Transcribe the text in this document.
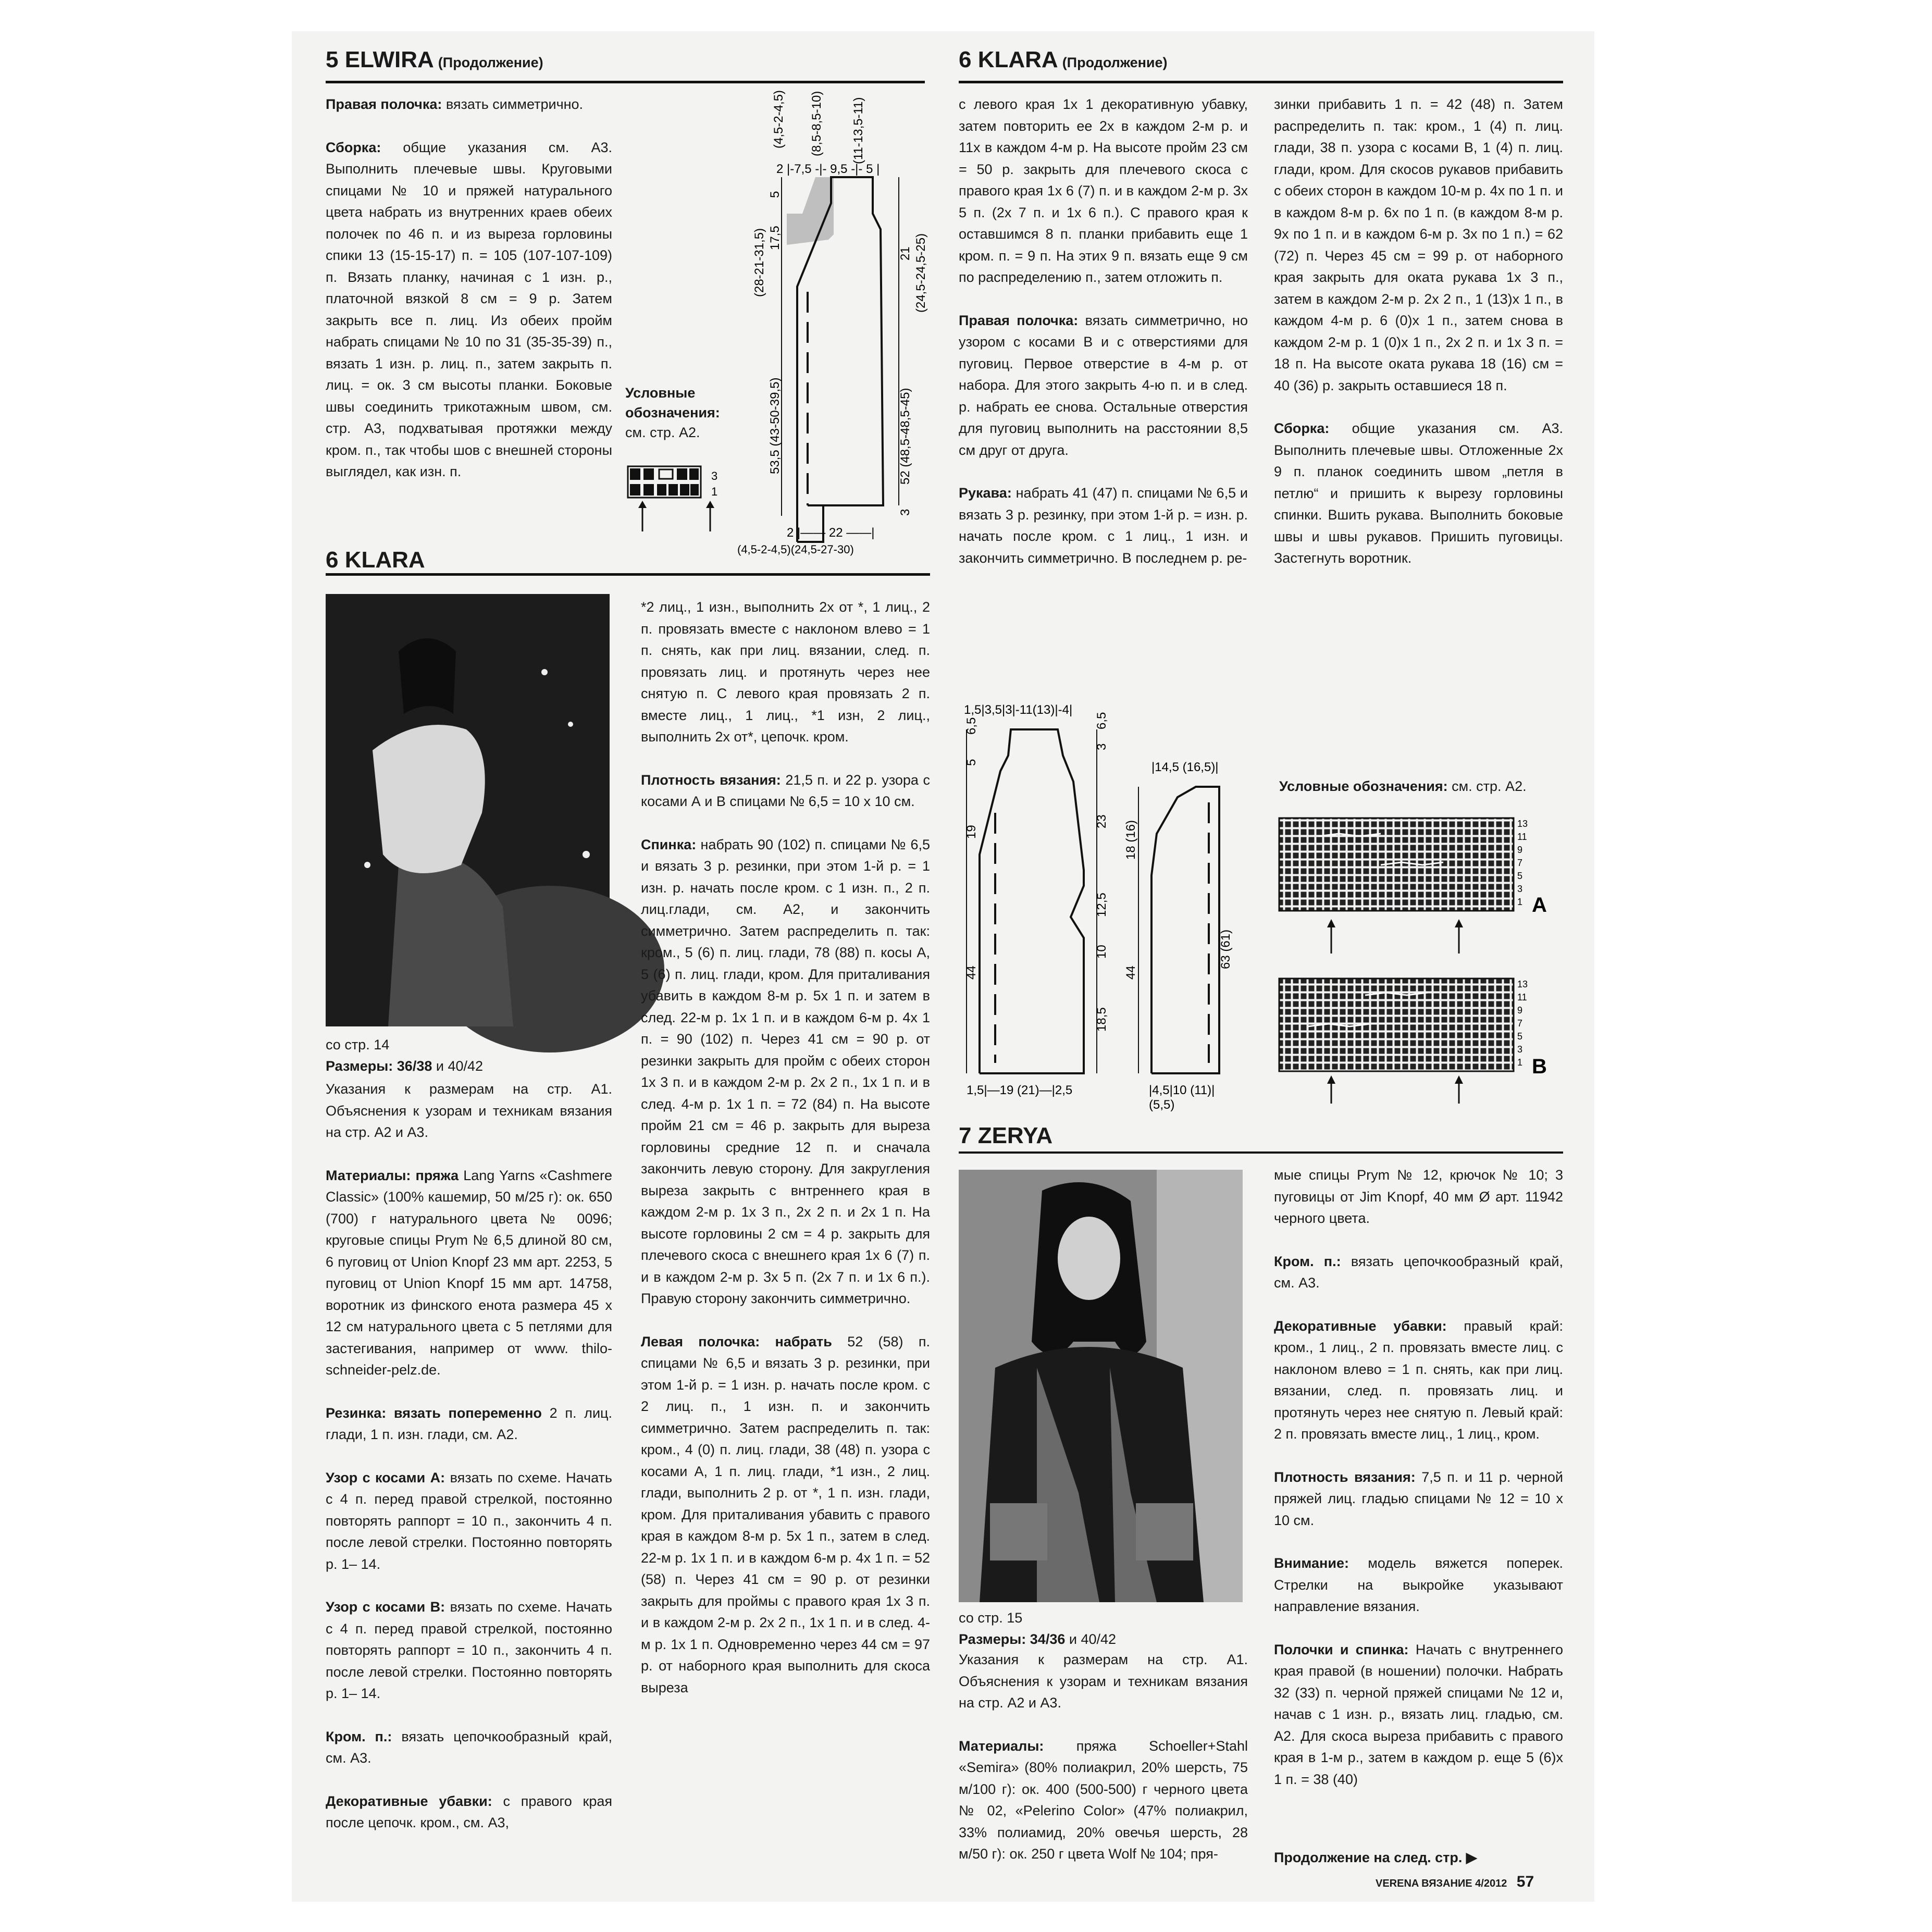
5 ELWIRA (Продолжение)	6 KLARA (Продолжение)
6 KLARA
7 ZERYA

Правая полочка: вязать симметрично.

Сборка: общие указания см. А3. Выполнить плечевые швы. Круговыми спицами № 10 и пряжей натурального цвета набрать из внутренних краев обеих полочек по 46 п. и из выреза горловины спики 13 (15-15-17) п. = 105 (107-107-109) п. Вязать планку, начиная с 1 изн. р., платочной вязкой 8 см = 9 р. Затем закрыть все п. лиц. Из обеих пройм набрать спицами № 10 по 31 (35-35-39) п., вязать 1 изн. р. лиц. п., затем закрыть п. лиц. = ок. 3 см высоты планки. Боковые швы соединить трикотажным швом, см. стр. А3, подхватывая протяжки между кром. п., так чтобы шов с внешней стороны выглядел, как изн. п.

Условные обозначения:
см. стр. А2.
3
1
(4,5-2-4,5) (8,5-8,5-10) (11-13,5-11)
2 |-7,5 -|- 9,5 -|- 5 |
(28-21-31,5) 17,5
5
53,5 (43-50-39,5)
(24,5-24,5-25)
21
52 (48,5-48,5-45)
3
2 |—— 22 ——|
(4,5-2-4,5)(24,5-27-30)

с левого края 1х 1 декоративную убавку, затем повторить ее 2х в каждом 2-м р. и 11х в каждом 4-м р. На высоте пройм 23 см = 50 р. закрыть для плечевого скоса с правого края 1х 6 (7) п. и в каждом 2-м р. 3х 5 п. (2х 7 п. и 1х 6 п.). С правого края к оставшимся 8 п. планки прибавить еще 1 кром. п. = 9 п. На этих 9 п. вязать еще 9 см по распределению п., затем отложить п.

Правая полочка: вязать симметрично, но узором с косами В и с отверстиями для пуговиц. Первое отверстие в 4-м р. от набора. Для этого закрыть 4-ю п. и в след. р. набрать ее снова. Остальные отверстия для пуговиц выполнить на расстоянии 8,5 см друг от друга.

Рукава: набрать 41 (47) п. спицами № 6,5 и вязать 3 р. резинку, при этом 1-й р. = изн. р. начать после кром. с 1 лиц., 1 изн. и закончить симметрично. В последнем р. ре-

зинки прибавить 1 п. = 42 (48) п. Затем распределить п. так: кром., 1 (4) п. лиц. глади, 38 п. узора с косами В, 1 (4) п. лиц. глади, кром. Для скосов рукавов прибавить с обеих сторон в каждом 10-м р. 4х по 1 п. и в каждом 8-м р. 6х по 1 п. (в каждом 8-м р. 9х по 1 п. и в каждом 6-м р. 3х по 1 п.) = 62 (72) п. Через 45 см = 99 р. от наборного края закрыть для оката рукава 1х 3 п., затем в каждом 2-м р. 2х 2 п., 1 (13)х 1 п., в каждом 4-м р. 6 (0)х 1 п., затем снова в каждом 2-м р. 1 (0)х 1 п., 2х 2 п. и 1х 3 п. = 18 п. На высоте оката рукава 18 (16) см = 40 (36) р. закрыть оставшиеся 18 п.

Сборка: общие указания см. А3. Выполнить плечевые швы. Отложенные 2х 9 п. планок соединить швом „петля в петлю“ и пришить к вырезу горловины спинки. Вшить рукава. Выполнить боковые швы и швы рукавов. Пришить пуговицы. Застегнуть воротник.

1,5|3,5|3|-11(13)|-4|
5
6,5
19
44
3
6,5
23
12,5
10
18,5
1,5|—19 (21)—|2,5
|14,5 (16,5)|
18 (16)
44
63 (61)
|4,5|10 (11)|
(5,5)
Условные обозначения: см. стр. А2.
13
11
9
7
5
3
1 A
13
11
9
7
5
3
1 B
со стр. 14
Размеры: 36/38 и 40/42

Указания к размерам на стр. А1. Объяснения к узорам и техникам вязания на стр. А2 и А3.

Материалы: пряжа Lang Yarns «Cashmere Classic» (100% кашемир, 50 м/25 г): ок. 650 (700) г натурального цвета № 0096; круговые спицы Prym № 6,5 длиной 80 см, 6 пуговиц от Union Knopf 23 мм арт. 2253, 5 пуговиц от Union Knopf 15 мм арт. 14758, воротник из финского енота размера 45 х 12 см натурального цвета с 5 петлями для застегивания, например от www. thilo-schneider-pelz.de.

Резинка: вязать попеременно 2 п. лиц. глади, 1 п. изн. глади, см. А2.

Узор с косами А: вязать по схеме. Начать с 4 п. перед правой стрелкой, постоянно повторять раппорт = 10 п., закончить 4 п. после левой стрелки. Постоянно повторять р. 1– 14.

Узор с косами В: вязать по схеме. Начать с 4 п. перед правой стрелкой, постоянно повторять раппорт = 10 п., закончить 4 п. после левой стрелки. Постоянно повторять р. 1– 14.

Кром. п.: вязать цепочкообразный край, см. А3.

Декоративные убавки: с правого края после цепочк. кром., см. А3,

*2 лиц., 1 изн., выполнить 2х от *, 1 лиц., 2 п. провязать вместе с наклоном влево = 1 п. снять, как при лиц. вязании, след. п. провязать лиц. и протянуть через нее снятую п. С левого края провязать 2 п. вместе лиц., 1 лиц., *1 изн, 2 лиц., выполнить 2х от*, цепочк. кром.

Плотность вязания: 21,5 п. и 22 р. узора с косами А и В спицами № 6,5 = 10 х 10 см.

Спинка: набрать 90 (102) п. спицами № 6,5 и вязать 3 р. резинки, при этом 1-й р. = 1 изн. р. начать после кром. с 1 изн. п., 2 п. лиц.глади, см. А2, и закончить симметрично. Затем распределить п. так: кром., 5 (6) п. лиц. глади, 78 (88) п. косы А, 5 (6) п. лиц. глади, кром. Для приталивания убавить в каждом 8-м р. 5х 1 п. и затем в след. 22-м р. 1х 1 п. и в каждом 6-м р. 4х 1 п. = 90 (102) п. Через 41 см = 90 р. от резинки закрыть для пройм с обеих сторон 1х 3 п. и в каждом 2-м р. 2х 2 п., 1х 1 п. и в след. 4-м р. 1х 1 п. = 72 (84) п. На высоте пройм 21 см = 46 р. закрыть для выреза горловины средние 12 п. и сначала закончить левую сторону. Для закругления выреза закрыть с внтреннего края в каждом 2-м р. 1х 3 п., 2х 2 п. и 2х 1 п. На высоте горловины 2 см = 4 р. закрыть для плечевого скоса с внешнего края 1х 6 (7) п. и в каждом 2-м р. 3х 5 п. (2х 7 п. и 1х 6 п.). Правую сторону закончить симметрично.

Левая полочка: набрать 52 (58) п. спицами № 6,5 и вязать 3 р. резинки, при этом 1-й р. = 1 изн. р. начать после кром. с 2 лиц. п., 1 изн. п. и закончить симметрично. Затем распределить п. так: кром., 4 (0) п. лиц. глади, 38 (48) п. узора с косами А, 1 п. лиц. глади, *1 изн., 2 лиц. глади, выполнить 2 р. от *, 1 п. изн. глади, кром. Для приталивания убавить с правого края в каждом 8-м р. 5х 1 п., затем в след. 22-м р. 1х 1 п. и в каждом 6-м р. 4х 1 п. = 52 (58) п. Через 41 см = 90 р. от резинки закрыть для проймы с правого края 1х 3 п. и в каждом 2-м р. 2х 2 п., 1х 1 п. и в след. 4-м р. 1х 1 п. Одновременно через 44 см = 97 р. от наборного края выполнить для скоса выреза

со стр. 15
Размеры: 34/36 и 40/42

Указания к размерам на стр. А1. Объяснения к узорам и техникам вязания на стр. А2 и А3.

Материалы: пряжа Schoeller+Stahl «Semira» (80% полиакрил, 20% шерсть, 75 м/100 г): ок. 400 (500-500) г черного цвета № 02, «Pelerino Color» (47% полиакрил, 33% полиамид, 20% овечья шерсть, 28 м/50 г): ок. 250 г цвета Wolf № 104; пря-

мые спицы Prym № 12, крючок № 10; 3 пуговицы от Jim Knopf, 40 мм Ø арт. 11942 черного цвета.

Кром. п.: вязать цепочкообразный край, см. А3.

Декоративные убавки: правый край: кром., 1 лиц., 2 п. провязать вместе лиц. с наклоном влево = 1 п. снять, как при лиц. вязании, след. п. провязать лиц. и протянуть через нее снятую п. Левый край: 2 п. провязать вместе лиц., 1 лиц., кром.

Плотность вязания: 7,5 п. и 11 р. черной пряжей лиц. гладью спицами № 12 = 10 х 10 см.

Внимание: модель вяжется поперек. Стрелки на выкройке указывают направление вязания.

Полочки и спинка: Начать с внутреннего края правой (в ношении) полочки. Набрать 32 (33) п. черной пряжей спицами № 12 и, начав с 1 изн. р., вязать лиц. гладью, см. А2. Для скоса выреза прибавить с правого края в 1-м р., затем в каждом р. еще 5 (6)х 1 п. = 38 (40)

Продолжение на след. стр. ▶
VERENA ВЯЗАНИЕ 4/2012 57
